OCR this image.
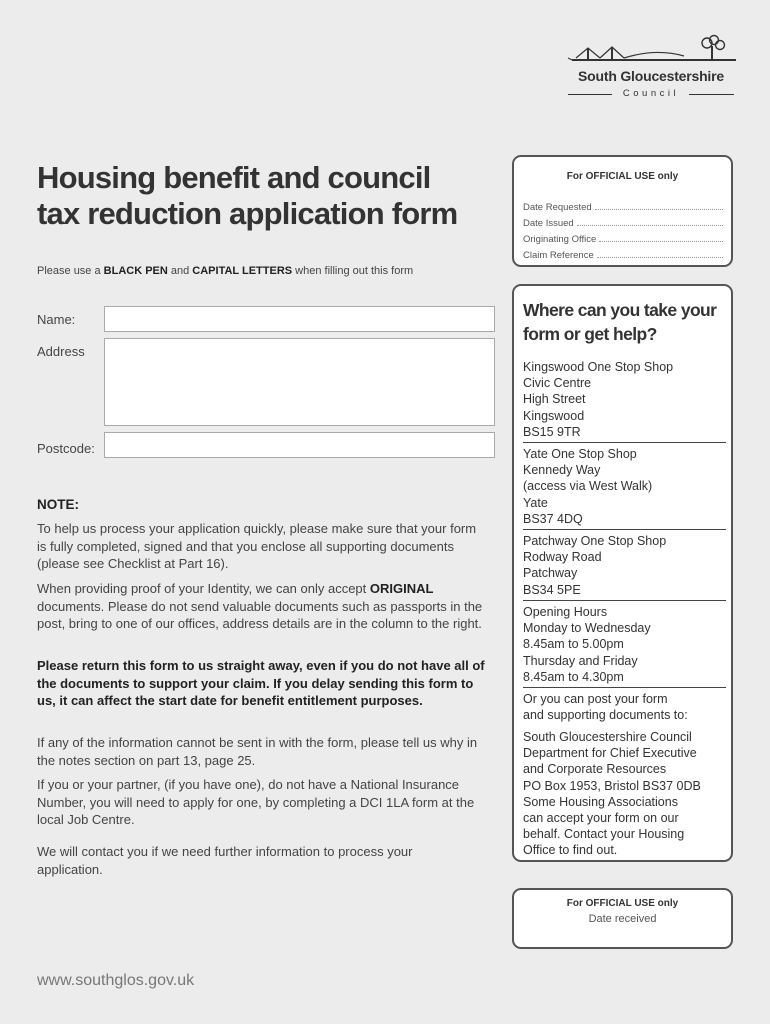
South Gloucestershire
Council
Housing benefit and council
tax reduction application form
Please use a BLACK PEN and CAPITAL LETTERS when filling out this form
Name:
Address
Postcode:
NOTE:
To help us process your application quickly, please make sure that your form is fully completed, signed and that you enclose all supporting documents (please see Checklist at Part 16).
When providing proof of your Identity, we can only accept ORIGINAL documents. Please do not send valuable documents such as passports in the post, bring to one of our offices, address details are in the column to the right.
Please return this form to us straight away, even if you do not have all of the documents to support your claim. If you delay sending this form to us, it can affect the start date for benefit entitlement purposes.
If any of the information cannot be sent in with the form, please tell us why in the notes section on part 13, page 25.
If you or your partner, (if you have one), do not have a National Insurance Number, you will need to apply for one, by completing a DCI 1LA form at the local Job Centre.
We will contact you if we need further information to process your application.
For OFFICIAL USE only
Date Requested
Date Issued
Originating Office
Claim Reference
Where can you take your form or get help?
Kingswood One Stop Shop
Civic Centre
High Street
Kingswood
BS15 9TR
Yate One Stop Shop
Kennedy Way
(access via West Walk)
Yate
BS37 4DQ
Patchway One Stop Shop
Rodway Road
Patchway
BS34 5PE
Opening Hours
Monday to Wednesday
8.45am to 5.00pm
Thursday and Friday
8.45am to 4.30pm
Or you can post your form
and supporting documents to:
South Gloucestershire Council
Department for Chief Executive
and Corporate Resources
PO Box 1953, Bristol BS37 0DB
Some Housing Associations
can accept your form on our
behalf. Contact your Housing
Office to find out.
For OFFICIAL USE only
Date received
www.southglos.gov.uk
